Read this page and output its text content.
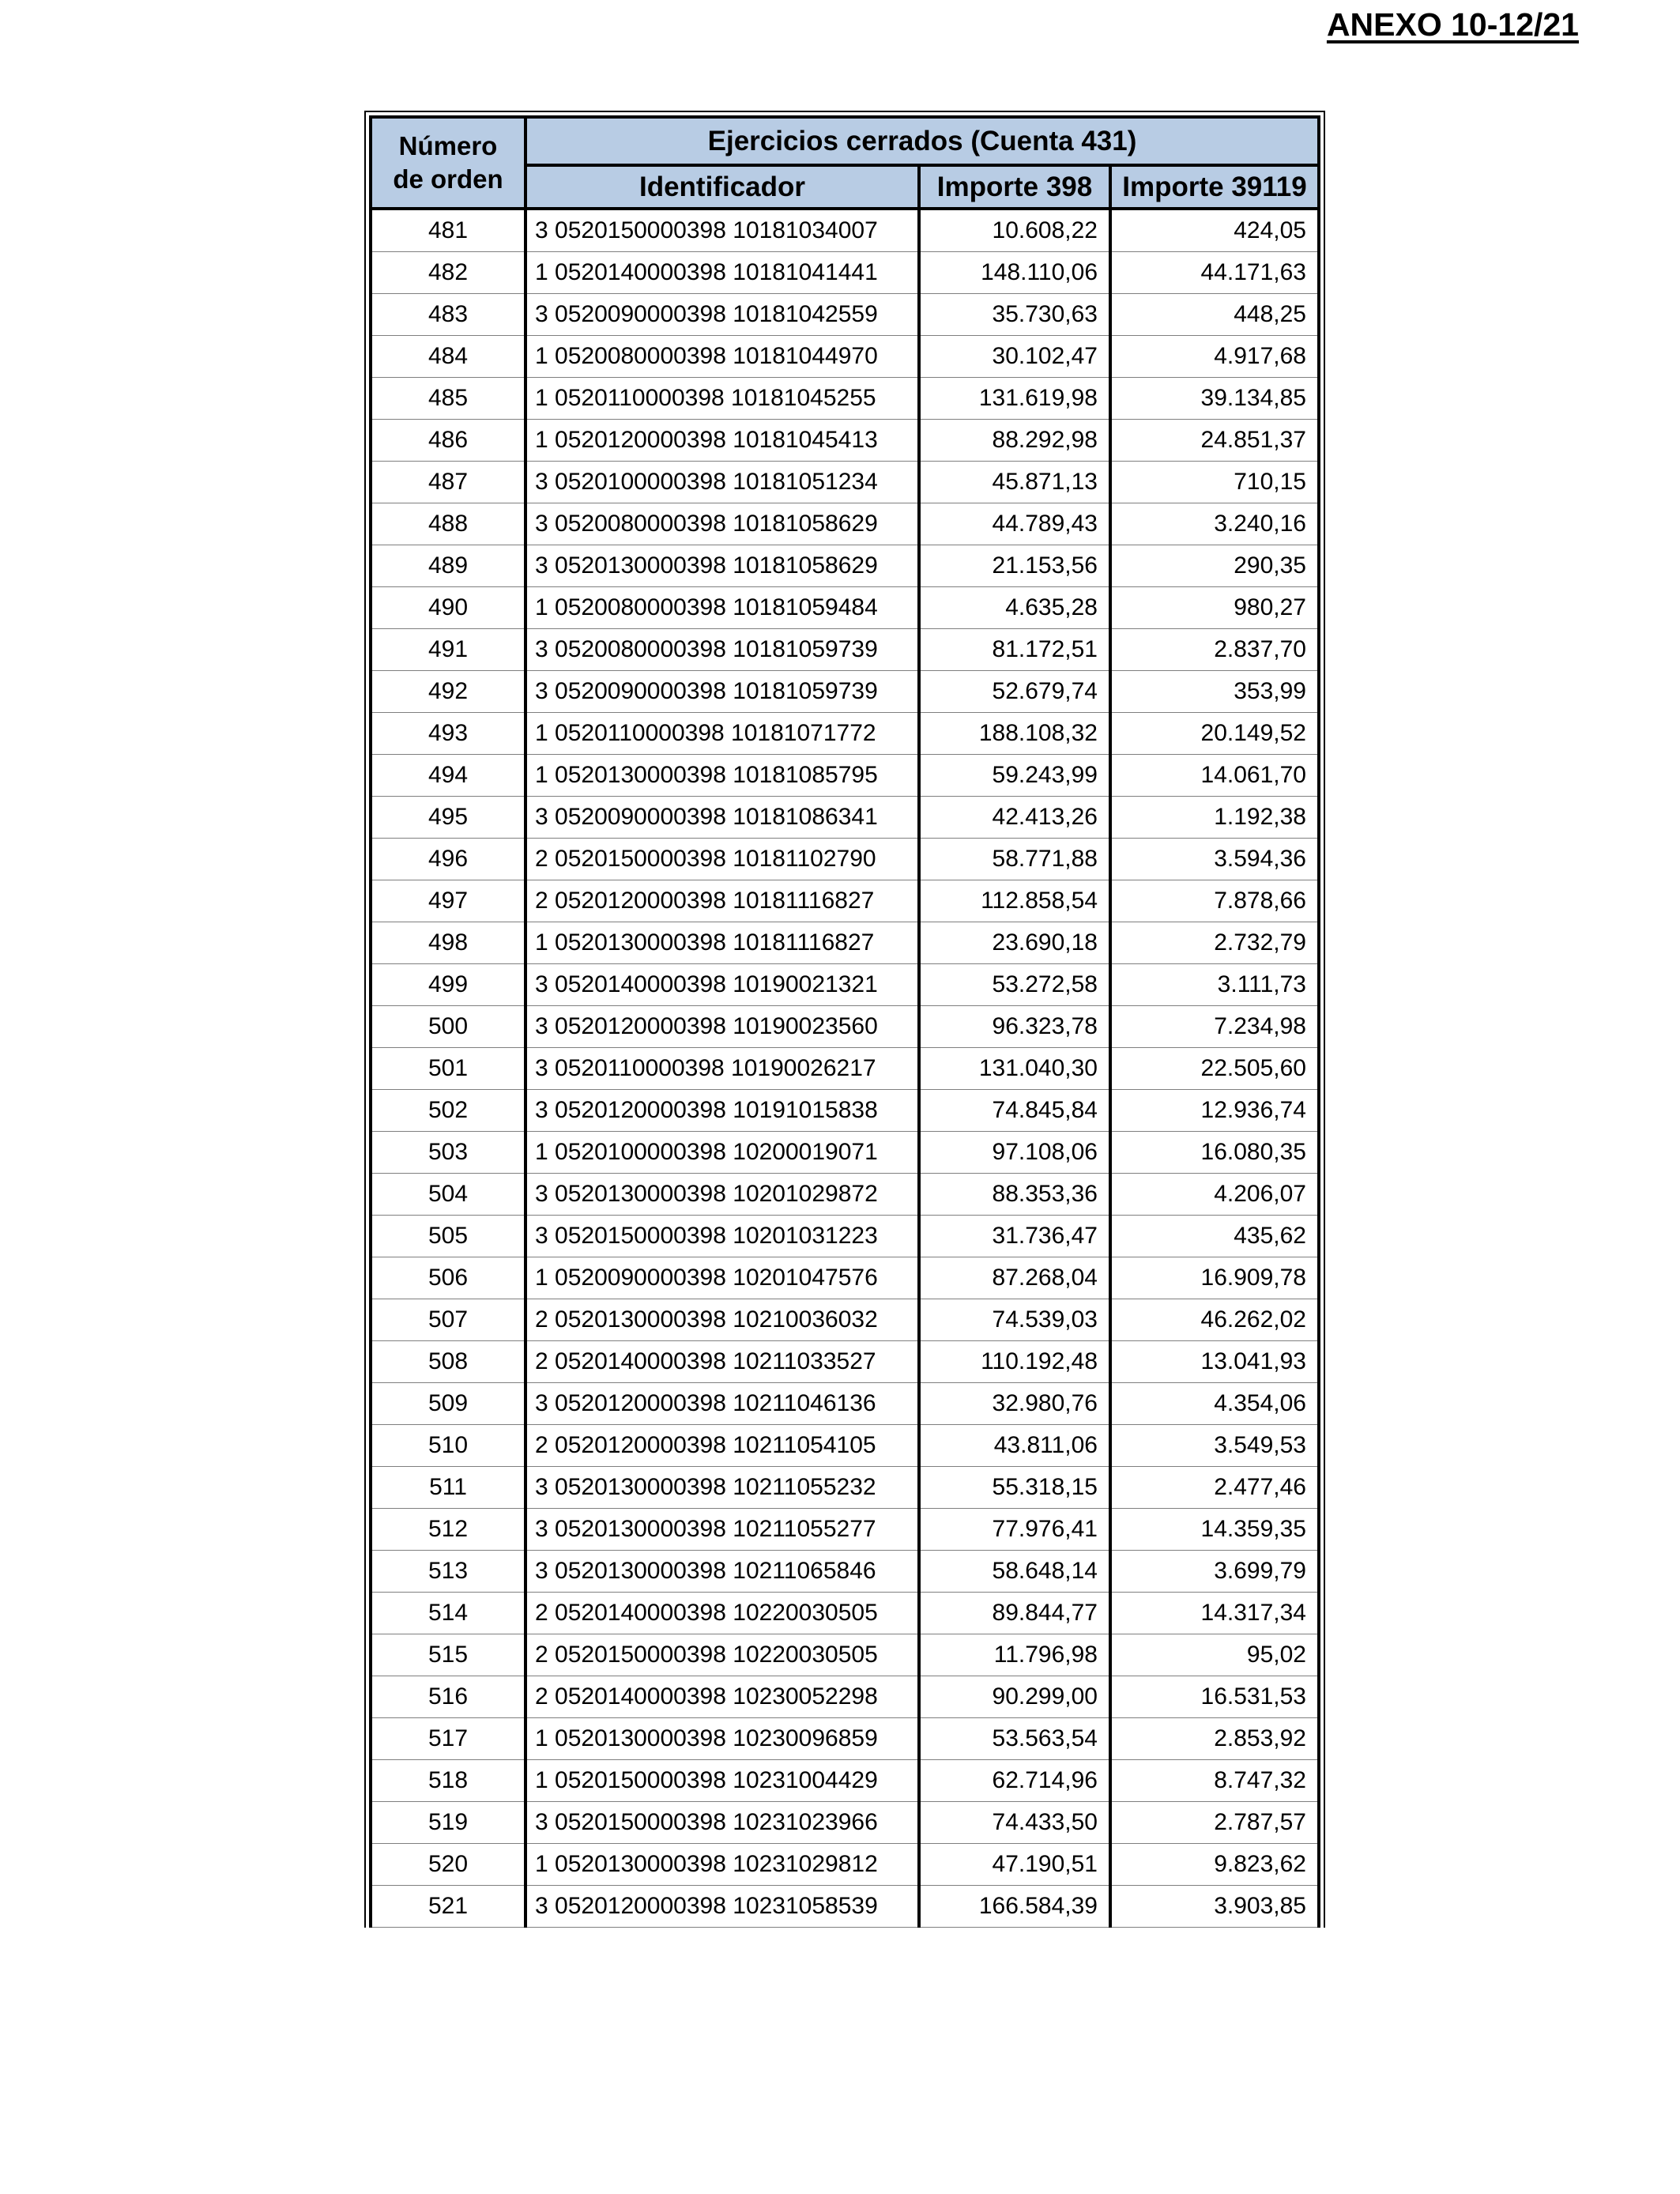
ANEXO 10-12/21
Número
de orden	Ejercicios cerrados (Cuenta 431)		
	Identificador	Importe 398	Importe 39119
481	3 0520150000398 10181034007	10.608,22	424,05
482	1 0520140000398 10181041441	148.110,06	44.171,63
483	3 0520090000398 10181042559	35.730,63	448,25
484	1 0520080000398 10181044970	30.102,47	4.917,68
485	1 0520110000398 10181045255	131.619,98	39.134,85
486	1 0520120000398 10181045413	88.292,98	24.851,37
487	3 0520100000398 10181051234	45.871,13	710,15
488	3 0520080000398 10181058629	44.789,43	3.240,16
489	3 0520130000398 10181058629	21.153,56	290,35
490	1 0520080000398 10181059484	4.635,28	980,27
491	3 0520080000398 10181059739	81.172,51	2.837,70
492	3 0520090000398 10181059739	52.679,74	353,99
493	1 0520110000398 10181071772	188.108,32	20.149,52
494	1 0520130000398 10181085795	59.243,99	14.061,70
495	3 0520090000398 10181086341	42.413,26	1.192,38
496	2 0520150000398 10181102790	58.771,88	3.594,36
497	2 0520120000398 10181116827	112.858,54	7.878,66
498	1 0520130000398 10181116827	23.690,18	2.732,79
499	3 0520140000398 10190021321	53.272,58	3.111,73
500	3 0520120000398 10190023560	96.323,78	7.234,98
501	3 0520110000398 10190026217	131.040,30	22.505,60
502	3 0520120000398 10191015838	74.845,84	12.936,74
503	1 0520100000398 10200019071	97.108,06	16.080,35
504	3 0520130000398 10201029872	88.353,36	4.206,07
505	3 0520150000398 10201031223	31.736,47	435,62
506	1 0520090000398 10201047576	87.268,04	16.909,78
507	2 0520130000398 10210036032	74.539,03	46.262,02
508	2 0520140000398 10211033527	110.192,48	13.041,93
509	3 0520120000398 10211046136	32.980,76	4.354,06
510	2 0520120000398 10211054105	43.811,06	3.549,53
511	3 0520130000398 10211055232	55.318,15	2.477,46
512	3 0520130000398 10211055277	77.976,41	14.359,35
513	3 0520130000398 10211065846	58.648,14	3.699,79
514	2 0520140000398 10220030505	89.844,77	14.317,34
515	2 0520150000398 10220030505	11.796,98	95,02
516	2 0520140000398 10230052298	90.299,00	16.531,53
517	1 0520130000398 10230096859	53.563,54	2.853,92
518	1 0520150000398 10231004429	62.714,96	8.747,32
519	3 0520150000398 10231023966	74.433,50	2.787,57
520	1 0520130000398 10231029812	47.190,51	9.823,62
521	3 0520120000398 10231058539	166.584,39	3.903,85
